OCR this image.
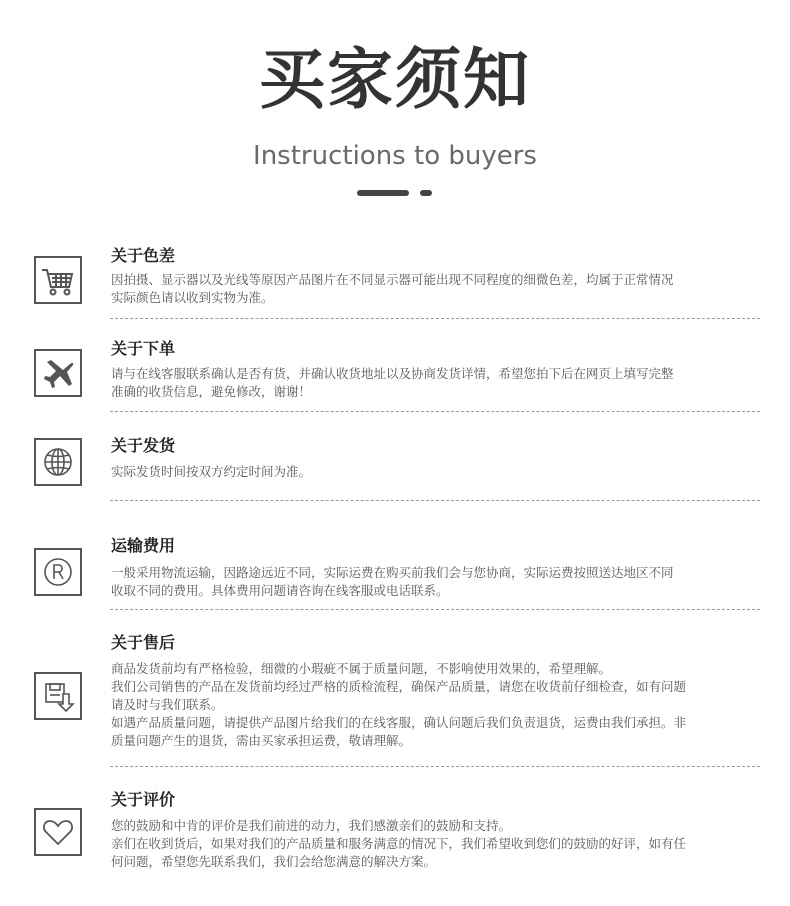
买家须知
Instructions to buyers
关于色差

因拍摄、显示器以及光线等原因产品图片在不同显示器可能出现不同程度的细微色差，均属于正常情况

实际颜色请以收到实物为准。

关于下单

请与在线客服联系确认是否有货，并确认收货地址以及协商发货详情，希望您拍下后在网页上填写完整

准确的收货信息，避免修改，谢谢！

关于发货

实际发货时间按双方约定时间为准。

运输费用

一般采用物流运输，因路途远近不同，实际运费在购买前我们会与您协商，实际运费按照送达地区不同

收取不同的费用。具体费用问题请咨询在线客服或电话联系。

关于售后

商品发货前均有严格检验，细微的小瑕疵不属于质量问题，不影响使用效果的，希望理解。

我们公司销售的产品在发货前均经过严格的质检流程，确保产品质量，请您在收货前仔细检查，如有问题

请及时与我们联系。

如遇产品质量问题，请提供产品图片给我们的在线客服，确认问题后我们负责退货，运费由我们承担。非

质量问题产生的退货，需由买家承担运费，敬请理解。

关于评价

您的鼓励和中肯的评价是我们前进的动力，我们感激亲们的鼓励和支持。

亲们在收到货后，如果对我们的产品质量和服务满意的情况下，我们希望收到您们的鼓励的好评，如有任

何问题，希望您先联系我们，我们会给您满意的解决方案。
